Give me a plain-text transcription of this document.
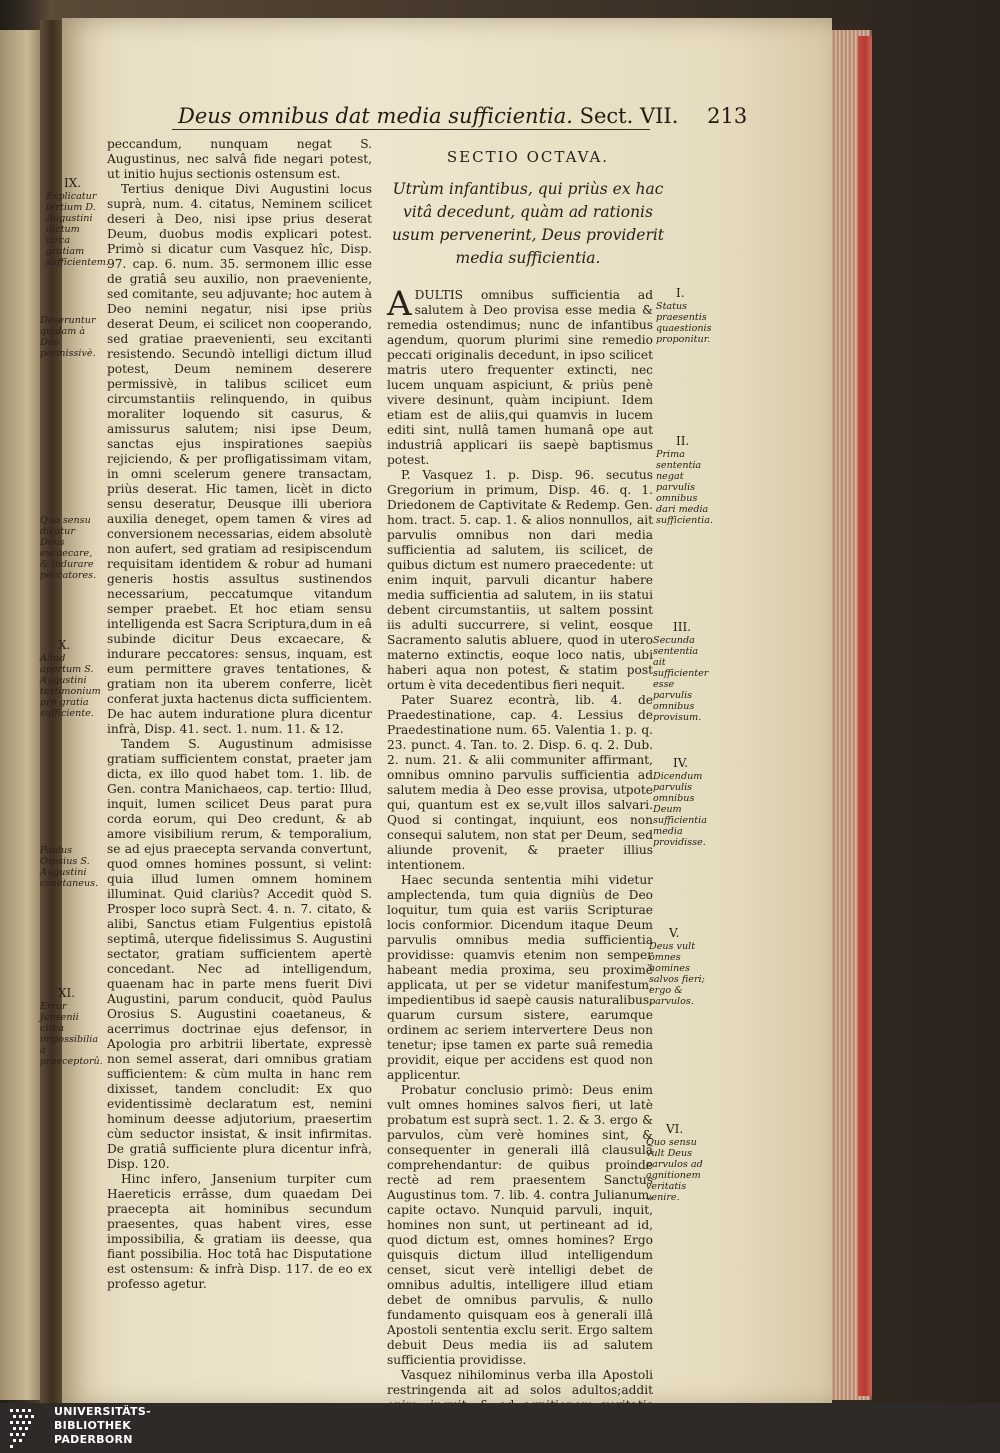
Deus omnibus dat media sufficientia. Sect. VII. 213
IX.
Explicatur tertium D. Augustini dictum circa gratiam sufficientem.
Deseruntur quidam à Deo permissivè.
Quo sensu dicatur Deus excaecare, & indurare peccatores.
X.
Aliud apertum S. Augustini testimonium pro gratia sufficiente.
Paulus Orosius S. Augustini coaetaneus.
XI.
Error Jansenii circa impossibilia à praeceptorû.

peccandum, nunquam negat S. Augustinus, nec salvâ fide negari potest, ut initio hujus sectionis ostensum est.

Tertius denique Divi Augustini locus suprà, num. 4. citatus, Neminem scilicet deseri à Deo, nisi ipse prius deserat Deum, duobus modis explicari potest. Primò si dicatur cum Vasquez hîc, Disp. 97. cap. 6. num. 35. sermonem illic esse de gratiâ seu auxilio, non praeveniente, sed comitante, seu adjuvante; hoc autem à Deo nemini negatur, nisi ipse priùs deserat Deum, ei scilicet non cooperando, sed gratiae praevenienti, seu excitanti resistendo. Secundò intelligi dictum illud potest, Deum neminem deserere permissivè, in talibus scilicet eum circumstantiis relinquendo, in quibus moraliter loquendo sit casurus, & amissurus salutem; nisi ipse Deum, sanctas ejus inspirationes saepiùs rejiciendo, & per profligatissimam vitam, in omni scelerum genere transactam, priùs deserat. Hic tamen, licèt in dicto sensu deseratur, Deusque illi uberiora auxilia deneget, opem tamen & vires ad conversionem necessarias, eidem absolutè non aufert, sed gratiam ad resipiscendum requisitam identidem & robur ad humani generis hostis assultus sustinendos necessarium, peccatumque vitandum semper praebet. Et hoc etiam sensu intelligenda est Sacra Scriptura,dum in eâ subinde dicitur Deus excaecare, & indurare peccatores: sensus, inquam, est eum permittere graves tentationes, & gratiam non ita uberem conferre, licèt conferat juxta hactenus dicta sufficientem. De hac autem induratione plura dicentur infrà, Disp. 41. sect. 1. num. 11. & 12.

Tandem S. Augustinum admisisse gratiam sufficientem constat, praeter jam dicta, ex illo quod habet tom. 1. lib. de Gen. contra Manichaeos, cap. tertio: Illud, inquit, lumen scilicet Deus parat pura corda eorum, qui Deo credunt, & ab amore visibilium rerum, & temporalium, se ad ejus praecepta servanda convertunt, quod omnes homines possunt, si velint: quia illud lumen omnem hominem illuminat. Quid clariùs? Accedit quòd S. Prosper loco suprà Sect. 4. n. 7. citato, & alibi, Sanctus etiam Fulgentius epistolâ septimâ, uterque fidelissimus S. Augustini sectator, gratiam sufficientem apertè concedant. Nec ad intelligendum, quaenam hac in parte mens fuerit Divi Augustini, parum conducit, quòd Paulus Orosius S. Augustini coaetaneus, & acerrimus doctrinae ejus defensor, in Apologia pro arbitrii libertate, expressè non semel asserat, dari omnibus gratiam sufficientem: & cùm multa in hanc rem dixisset, tandem concludit: Ex quo evidentissimè declaratum est, nemini hominum deesse adjutorium, praesertim cùm seductor insistat, & insit infirmitas. De gratiâ sufficiente plura dicentur infrà, Disp. 120.

Hinc infero, Jansenium turpiter cum Haereticis errâsse, dum quaedam Dei praecepta ait hominibus secundum praesentes, quas habent vires, esse impossibilia, & gratiam iis deesse, qua fiant possibilia. Hoc totâ hac Disputatione est ostensum: & infrà Disp. 117. de eo ex professo agetur.

SECTIO OCTAVA.
Utrùm infantibus, qui priùs ex hac vitâ decedunt, quàm ad rationis usum pervenerint, Deus providerit media sufficientia.

ADULTIS omnibus sufficientia ad salutem à Deo provisa esse media & remedia ostendimus; nunc de infantibus agendum, quorum plurimi sine remedio peccati originalis decedunt, in ipso scilicet matris utero frequenter extincti, nec lucem unquam aspiciunt, & priùs penè vivere desinunt, quàm incipiunt. Idem etiam est de aliis,qui quamvis in lucem editi sint, nullâ tamen humanâ ope aut industriâ applicari iis saepè baptismus potest.

P. Vasquez 1. p. Disp. 96. secutus Gregorium in primum, Disp. 46. q. 1. Driedonem de Captivitate & Redemp. Gen. hom. tract. 5. cap. 1. & alios nonnullos, ait parvulis omnibus non dari media sufficientia ad salutem, iis scilicet, de quibus dictum est numero praecedente: ut enim inquit, parvuli dicantur habere media sufficientia ad salutem, in iis statui debent circumstantiis, ut saltem possint iis adulti succurrere, si velint, eosque Sacramento salutis abluere, quod in utero materno extinctis, eoque loco natis, ubi haberi aqua non potest, & statim post ortum è vita decedentibus fieri nequit.

Pater Suarez econtrà, lib. 4. de Praedestinatione, cap. 4. Lessius de Praedestinatione num. 65. Valentia 1. p. q. 23. punct. 4. Tan. to. 2. Disp. 6. q. 2. Dub. 2. num. 21. & alii communiter affirmant, omnibus omnino parvulis sufficientia ad salutem media à Deo esse provisa, utpote qui, quantum est ex se,vult illos salvari. Quod si contingat, inquiunt, eos non consequi salutem, non stat per Deum, sed aliunde provenit, & praeter illius intentionem.

Haec secunda sententia mihi videtur amplectenda, tum quia digniùs de Deo loquitur, tum quia est variis Scripturae locis conformior. Dicendum itaque Deum parvulis omnibus media sufficientia providisse: quamvis etenim non semper habeant media proxima, seu proximè applicata, ut per se videtur manifestum, impedientibus id saepè causis naturalibus, quarum cursum sistere, earumque ordinem ac seriem intervertere Deus non tenetur; ipse tamen ex parte suâ remedia providit, eique per accidens est quod non applicentur.

Probatur conclusio primò: Deus enim vult omnes homines salvos fieri, ut latè probatum est suprà sect. 1. 2. & 3. ergo & parvulos, cùm verè homines sint, & consequenter in generali illâ clausulâ comprehendantur: de quibus proinde rectè ad rem praesentem Sanctus Augustinus tom. 7. lib. 4. contra Julianum, capite octavo. Nunquid parvuli, inquit, homines non sunt, ut pertineant ad id, quod dictum est, omnes homines? Ergo quisquis dictum illud intelligendum censet, sicut verè intelligi debet de omnibus adultis, intelligere illud etiam debet de omnibus parvulis, & nullo fundamento quisquam eos à generali illâ Apostoli sententia exclu serit. Ergo saltem debuit Deus media iis ad salutem sufficientia providisse.

Vasquez nihilominus verba illa Apostoli restringenda ait ad solos adultos;addit

I.
Status praesentis quaestionis proponitur.
II.
Prima sententia negat parvulis omnibus dari media sufficientia.
III.
Secunda sententia ait sufficienter esse parvulis omnibus provisum.
IV.
Dicendum parvulis omnibus Deum sufficientia media providisse.
V.
Deus vult omnes homines salvos fieri; ergo & parvulos.
VI.
Quo sensu vult Deus parvulos ad agnitionem veritatis venire.
UNIVERSITÄTS-
BIBLIOTHEK
PADERBORN
